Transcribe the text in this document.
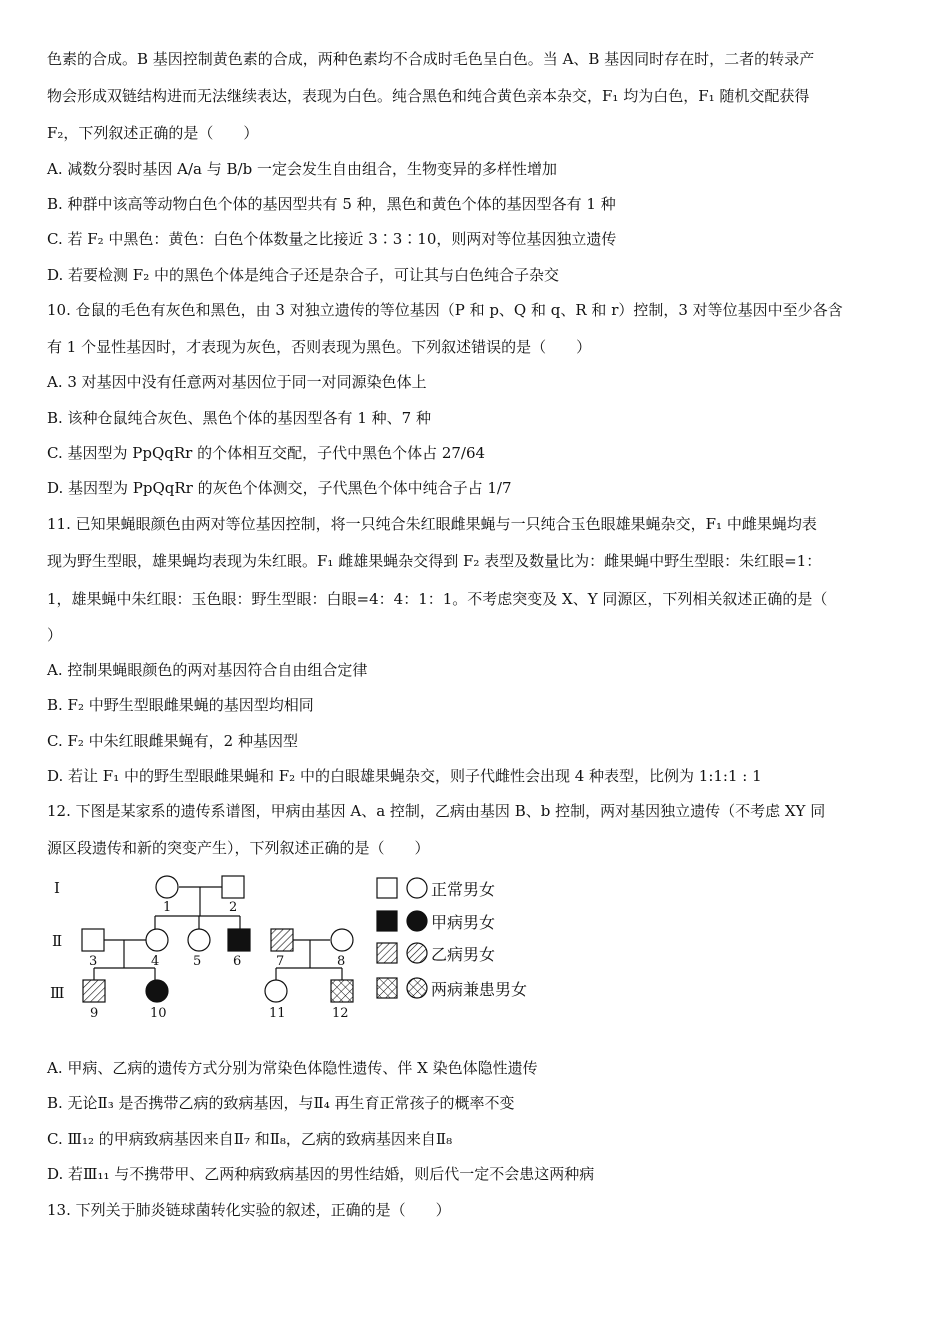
色素的合成。B 基因控制黄色素的合成，两种色素均不合成时毛色呈白色。当 A、B 基因同时存在时，二者的转录产
物会形成双链结构进而无法继续表达，表现为白色。纯合黑色和纯合黄色亲本杂交，F₁ 均为白色，F₁ 随机交配获得
F₂，下列叙述正确的是（　　）
A. 减数分裂时基因 A/a 与 B/b 一定会发生自由组合，生物变异的多样性增加
B. 种群中该高等动物白色个体的基因型共有 5 种，黑色和黄色个体的基因型各有 1 种
C. 若 F₂ 中黑色：黄色：白色个体数量之比接近 3∶3∶10，则两对等位基因独立遗传
D. 若要检测 F₂ 中的黑色个体是纯合子还是杂合子，可让其与白色纯合子杂交
10. 仓鼠的毛色有灰色和黑色，由 3 对独立遗传的等位基因（P 和 p、Q 和 q、R 和 r）控制，3 对等位基因中至少各含
有 1 个显性基因时，才表现为灰色，否则表现为黑色。下列叙述错误的是（　　）
A. 3 对基因中没有任意两对基因位于同一对同源染色体上
B. 该种仓鼠纯合灰色、黑色个体的基因型各有 1 种、7 种
C. 基因型为 PpQqRr 的个体相互交配，子代中黑色个体占 27/64
D. 基因型为 PpQqRr 的灰色个体测交，子代黑色个体中纯合子占 1/7
11. 已知果蝇眼颜色由两对等位基因控制，将一只纯合朱红眼雌果蝇与一只纯合玉色眼雄果蝇杂交，F₁ 中雌果蝇均表
现为野生型眼，雄果蝇均表现为朱红眼。F₁ 雌雄果蝇杂交得到 F₂ 表型及数量比为：雌果蝇中野生型眼：朱红眼=1：
1，雄果蝇中朱红眼：玉色眼：野生型眼：白眼=4：4：1：1。不考虑突变及 X、Y 同源区，下列相关叙述正确的是（
）
A. 控制果蝇眼颜色的两对基因符合自由组合定律
B. F₂ 中野生型眼雌果蝇的基因型均相同
C. F₂ 中朱红眼雌果蝇有，2 种基因型
D. 若让 F₁ 中的野生型眼雌果蝇和 F₂ 中的白眼雄果蝇杂交，则子代雌性会出现 4 种表型，比例为 1:1:1 : 1
12. 下图是某家系的遗传系谱图，甲病由基因 A、a 控制，乙病由基因 B、b 控制，两对基因独立遗传（不考虑 XY 同
源区段遗传和新的突变产生），下列叙述正确的是（　　）
Ⅰ
Ⅱ
Ⅲ
1	2
3	4	5 6	7	8
9	10	11	12
正常男女
甲病男女
乙病男女
两病兼患男女
A. 甲病、乙病的遗传方式分别为常染色体隐性遗传、伴 X 染色体隐性遗传
B. 无论Ⅱ₃ 是否携带乙病的致病基因，与Ⅱ₄ 再生育正常孩子的概率不变
C. Ⅲ₁₂ 的甲病致病基因来自Ⅱ₇ 和Ⅱ₈，乙病的致病基因来自Ⅱ₈
D. 若Ⅲ₁₁ 与不携带甲、乙两种病致病基因的男性结婚，则后代一定不会患这两种病
13. 下列关于肺炎链球菌转化实验的叙述，正确的是（　　）
